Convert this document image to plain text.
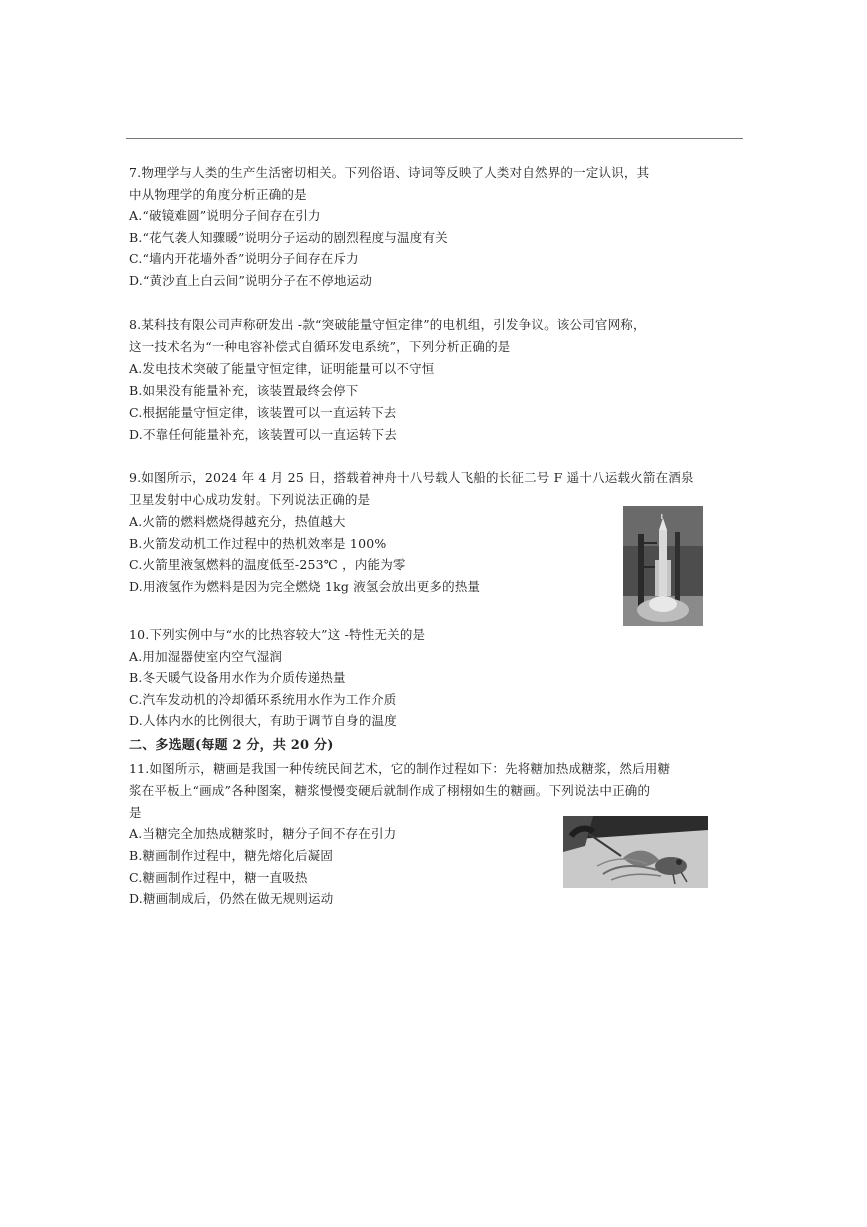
7.物理学与人类的生产生活密切相关。下列俗语、诗词等反映了人类对自然界的一定认识，其
中从物理学的角度分析正确的是
A.“破镜难圆”说明分子间存在引力
B.“花气袭人知骤暖”说明分子运动的剧烈程度与温度有关
C.“墙内开花墙外香”说明分子间存在斥力
D.“黄沙直上白云间”说明分子在不停地运动
8.某科技有限公司声称研发出 -款“突破能量守恒定律”的电机组，引发争议。该公司官网称，
这一技术名为“一种电容补偿式自循环发电系统”，下列分析正确的是
A.发电技术突破了能量守恒定律，证明能量可以不守恒
B.如果没有能量补充，该装置最终会停下
C.根据能量守恒定律，该装置可以一直运转下去
D.不靠任何能量补充，该装置可以一直运转下去
9.如图所示，2024 年 4 月 25 日，搭载着神舟十八号载人飞船的长征二号 F 遥十八运载火箭在酒泉
卫星发射中心成功发射。下列说法正确的是
A.火箭的燃料燃烧得越充分，热值越大
B.火箭发动机工作过程中的热机效率是 100%
C.火箭里液氢燃料的温度低至-253℃ ，内能为零
D.用液氢作为燃料是因为完全燃烧 1kg 液氢会放出更多的热量
10.下列实例中与“水的比热容较大”这 -特性无关的是
A.用加湿器使室内空气湿润
B.冬天暖气设备用水作为介质传递热量
C.汽车发动机的冷却循环系统用水作为工作介质
D.人体内水的比例很大，有助于调节自身的温度
二、多选题(每题 2 分，共 20 分)
11.如图所示，糖画是我国一种传统民间艺术，它的制作过程如下：先将糖加热成糖浆，然后用糖
浆在平板上“画成”各种图案，糖浆慢慢变硬后就制作成了栩栩如生的糖画。下列说法中正确的
是
A.当糖完全加热成糖浆时，糖分子间不存在引力
B.糖画制作过程中，糖先熔化后凝固
C.糖画制作过程中，糖一直吸热
D.糖画制成后，仍然在做无规则运动
